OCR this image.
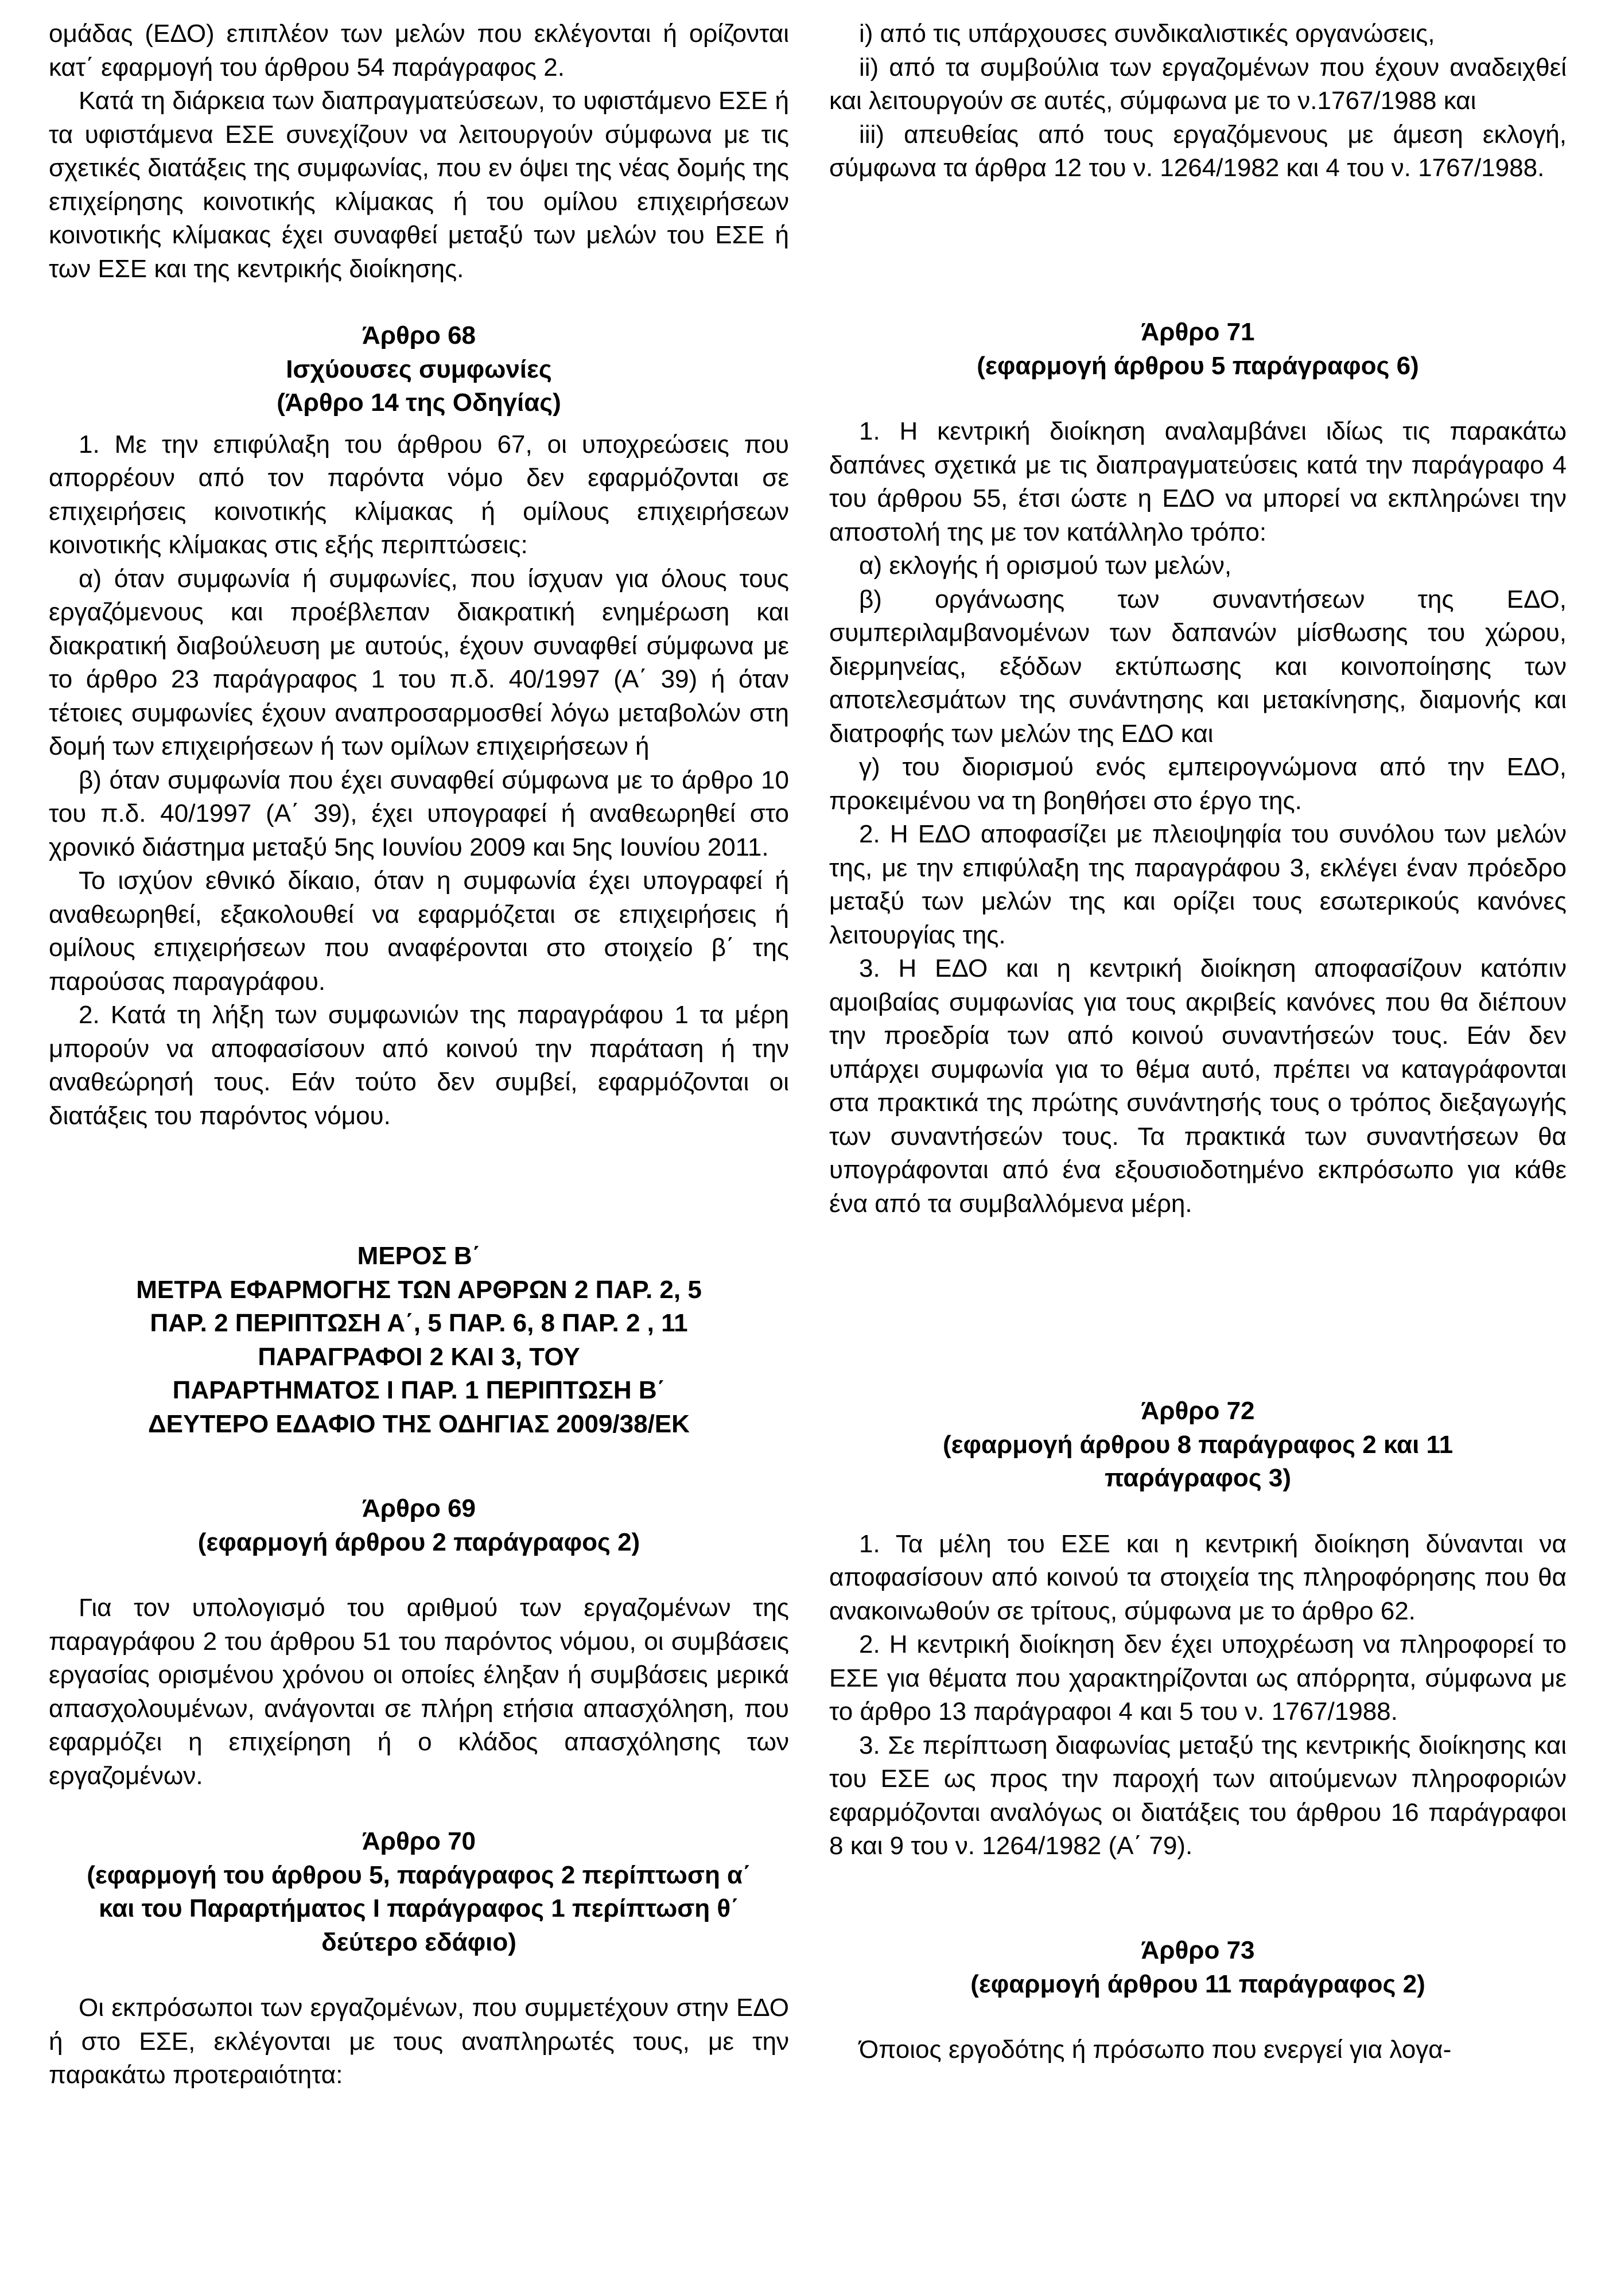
ομάδας (ΕΔΟ) επιπλέον των μελών που εκλέγονται ή ορίζονται κατ΄ εφαρμογή του άρθρου 54 παράγραφος 2.

Κατά τη διάρκεια των διαπραγματεύσεων, το υφιστάμενο ΕΣΕ ή τα υφιστάμενα ΕΣΕ συνεχίζουν να λειτουργούν σύμφωνα με τις σχετικές διατάξεις της συμφωνίας, που εν όψει της νέας δομής της επιχείρησης κοινοτικής κλίμακας ή του ομίλου επιχειρήσεων κοινοτικής κλίμακας έχει συναφθεί μεταξύ των μελών του ΕΣΕ ή των ΕΣΕ και της κεντρικής διοίκησης.

Άρθρο 68
Ισχύουσες συμφωνίες
(Άρθρο 14 της Οδηγίας)

1. Με την επιφύλαξη του άρθρου 67, οι υποχρεώσεις που απορρέουν από τον παρόντα νόμο δεν εφαρμόζονται σε επιχειρήσεις κοινοτικής κλίμακας ή ομίλους επιχειρήσεων κοινοτικής κλίμακας στις εξής περιπτώσεις:

α) όταν συμφωνία ή συμφωνίες, που ίσχυαν για όλους τους εργαζόμενους και προέβλεπαν διακρατική ενημέρωση και διακρατική διαβούλευση με αυτούς, έχουν συναφθεί σύμφωνα με το άρθρο 23 παράγραφος 1 του π.δ. 40/1997 (Α΄ 39) ή όταν τέτοιες συμφωνίες έχουν αναπροσαρμοσθεί λόγω μεταβολών στη δομή των επιχειρήσεων ή των ομίλων επιχειρήσεων ή

β) όταν συμφωνία που έχει συναφθεί σύμφωνα με το άρθρο 10 του π.δ. 40/1997 (Α΄ 39), έχει υπογραφεί ή αναθεωρηθεί στο χρονικό διάστημα μεταξύ 5ης Ιουνίου 2009 και 5ης Ιουνίου 2011.

Το ισχύον εθνικό δίκαιο, όταν η συμφωνία έχει υπογραφεί ή αναθεωρηθεί, εξακολουθεί να εφαρμόζεται σε επιχειρήσεις ή ομίλους επιχειρήσεων που αναφέρονται στο στοιχείο β΄ της παρούσας παραγράφου.

2. Κατά τη λήξη των συμφωνιών της παραγράφου 1 τα μέρη μπορούν να αποφασίσουν από κοινού την παράταση ή την αναθεώρησή τους. Εάν τούτο δεν συμβεί, εφαρμόζονται οι διατάξεις του παρόντος νόμου.

ΜΕΡΟΣ Β΄
ΜΕΤΡΑ ΕΦΑΡΜΟΓΗΣ ΤΩΝ ΑΡΘΡΩΝ 2 ΠΑΡ. 2, 5
ΠΑΡ. 2 ΠΕΡΙΠΤΩΣΗ Α΄, 5 ΠΑΡ. 6, 8 ΠΑΡ. 2 , 11
ΠΑΡΑΓΡΑΦΟΙ 2 ΚΑΙ 3, ΤΟΥ
ΠΑΡΑΡΤΗΜΑΤΟΣ Ι ΠΑΡ. 1 ΠΕΡΙΠΤΩΣΗ Β΄
ΔΕΥΤΕΡΟ ΕΔΑΦΙΟ ΤΗΣ ΟΔΗΓΙΑΣ 2009/38/ΕΚ
Άρθρο 69
(εφαρμογή άρθρου 2 παράγραφος 2)

Για τον υπολογισμό του αριθμού των εργαζομένων της παραγράφου 2 του άρθρου 51 του παρόντος νόμου, οι συμβάσεις εργασίας ορισμένου χρόνου οι οποίες έληξαν ή συμβάσεις μερικά απασχολουμένων, ανάγονται σε πλήρη ετήσια απασχόληση, που εφαρμόζει η επιχείρηση ή ο κλάδος απασχόλησης των εργαζομένων.

Άρθρο 70
(εφαρμογή του άρθρου 5, παράγραφος 2 περίπτωση α΄
και του Παραρτήματος Ι παράγραφος 1 περίπτωση θ΄
δεύτερο εδάφιο)

Οι εκπρόσωποι των εργαζομένων, που συμμετέχουν στην ΕΔΟ ή στο ΕΣΕ, εκλέγονται με τους αναπληρωτές τους, με την παρακάτω προτεραιότητα:

i) από τις υπάρχουσες συνδικαλιστικές οργανώσεις,

ii) από τα συμβούλια των εργαζομένων που έχουν αναδειχθεί και λειτουργούν σε αυτές, σύμφωνα με το ν.1767/1988 και

iii) απευθείας από τους εργαζόμενους με άμεση εκλογή, σύμφωνα τα άρθρα 12 του ν. 1264/1982 και 4 του ν. 1767/1988.

Άρθρο 71
(εφαρμογή άρθρου 5 παράγραφος 6)

1. Η κεντρική διοίκηση αναλαμβάνει ιδίως τις παρακάτω δαπάνες σχετικά με τις διαπραγματεύσεις κατά την παράγραφο 4 του άρθρου 55, έτσι ώστε η ΕΔΟ να μπορεί να εκπληρώνει την αποστολή της με τον κατάλληλο τρόπο:

α) εκλογής ή ορισμού των μελών,

β) οργάνωσης των συναντήσεων της ΕΔΟ, συμπεριλαμβανομένων των δαπανών μίσθωσης του χώρου, διερμηνείας, εξόδων εκτύπωσης και κοινοποίησης των αποτελεσμάτων της συνάντησης και μετακίνησης, διαμονής και διατροφής των μελών της ΕΔΟ και

γ) του διορισμού ενός εμπειρογνώμονα από την ΕΔΟ, προκειμένου να τη βοηθήσει στο έργο της.

2. Η ΕΔΟ αποφασίζει με πλειοψηφία του συνόλου των μελών της, με την επιφύλαξη της παραγράφου 3, εκλέγει έναν πρόεδρο μεταξύ των μελών της και ορίζει τους εσωτερικούς κανόνες λειτουργίας της.

3. Η ΕΔΟ και η κεντρική διοίκηση αποφασίζουν κατόπιν αμοιβαίας συμφωνίας για τους ακριβείς κανόνες που θα διέπουν την προεδρία των από κοινού συναντήσεών τους. Εάν δεν υπάρχει συμφωνία για το θέμα αυτό, πρέπει να καταγράφονται στα πρακτικά της πρώτης συνάντησής τους ο τρόπος διεξαγωγής των συναντήσεών τους. Τα πρακτικά των συναντήσεων θα υπογράφονται από ένα εξουσιοδοτημένο εκπρόσωπο για κάθε ένα από τα συμβαλλόμενα μέρη.

Άρθρο 72
(εφαρμογή άρθρου 8 παράγραφος 2 και 11
παράγραφος 3)

1. Τα μέλη του ΕΣΕ και η κεντρική διοίκηση δύνανται να αποφασίσουν από κοινού τα στοιχεία της πληροφόρησης που θα ανακοινωθούν σε τρίτους, σύμφωνα με το άρθρο 62.

2. Η κεντρική διοίκηση δεν έχει υποχρέωση να πληροφορεί το ΕΣΕ για θέματα που χαρακτηρίζονται ως απόρρητα, σύμφωνα με το άρθρο 13 παράγραφοι 4 και 5 του ν. 1767/1988.

3. Σε περίπτωση διαφωνίας μεταξύ της κεντρικής διοίκησης και του ΕΣΕ ως προς την παροχή των αιτούμενων πληροφοριών εφαρμόζονται αναλόγως οι διατάξεις του άρθρου 16 παράγραφοι 8 και 9 του ν. 1264/1982 (Α΄ 79).

Άρθρο 73
(εφαρμογή άρθρου 11 παράγραφος 2)

Όποιος εργοδότης ή πρόσωπο που ενεργεί για λογα-
